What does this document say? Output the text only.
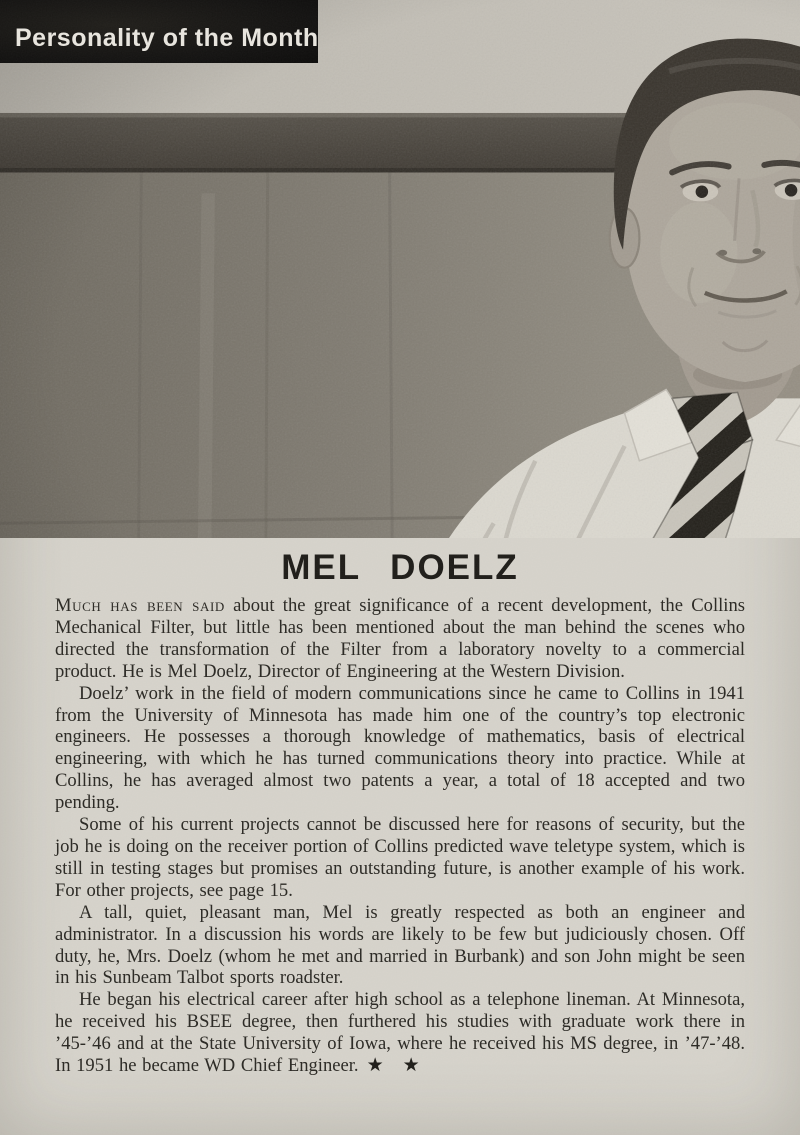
Personality of the Month
MEL DOELZ

Much has been said about the great significance of a recent development, the Collins Mechanical Filter, but little has been mentioned about the man behind the scenes who directed the transformation of the Filter from a laboratory novelty to a commercial product. He is Mel Doelz, Director of Engineering at the Western Division.

Doelz’ work in the field of modern communications since he came to Collins in 1941 from the University of Minnesota has made him one of the country’s top electronic engineers. He possesses a thorough knowledge of mathematics, basis of electrical engineering, with which he has turned communications theory into practice. While at Collins, he has averaged almost two patents a year, a total of 18 accepted and two pending.

Some of his current projects cannot be discussed here for reasons of security, but the job he is doing on the receiver portion of Collins predicted wave teletype system, which is still in testing stages but promises an outstanding future, is another example of his work. For other projects, see page 15.

A tall, quiet, pleasant man, Mel is greatly respected as both an engineer and administrator. In a discussion his words are likely to be few but judiciously chosen. Off duty, he, Mrs. Doelz (whom he met and married in Burbank) and son John might be seen in his Sunbeam Talbot sports roadster.

He began his electrical career after high school as a telephone lineman. At Minnesota, he received his BSEE degree, then furthered his studies with graduate work there in ’45-’46 and at the State University of Iowa, where he received his MS degree, in ’47-’48. In 1951 he became WD Chief Engineer. ★ ★
